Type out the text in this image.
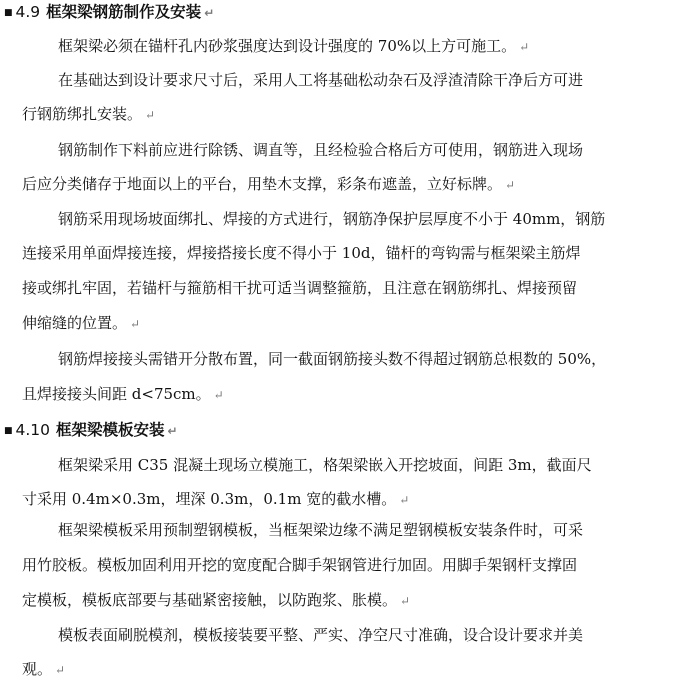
■ 4.9 框架梁钢筋制作及安装 ↵
框架梁必须在锚杆孔内砂浆强度达到设计强度的 70%以上方可施工。 ↵
在基础达到设计要求尺寸后，采用人工将基础松动杂石及浮渣清除干净后方可进
行钢筋绑扎安装。 ↵
钢筋制作下料前应进行除锈、调直等，且经检验合格后方可使用，钢筋进入现场
后应分类储存于地面以上的平台，用垫木支撑，彩条布遮盖，立好标牌。 ↵
钢筋采用现场坡面绑扎、焊接的方式进行，钢筋净保护层厚度不小于 40mm，钢筋
连接采用单面焊接连接，焊接搭接长度不得小于 10d，锚杆的弯钩需与框架梁主筋焊
接或绑扎牢固，若锚杆与箍筋相干扰可适当调整箍筋，且注意在钢筋绑扎、焊接预留
伸缩缝的位置。 ↵
钢筋焊接接头需错开分散布置，同一截面钢筋接头数不得超过钢筋总根数的 50%，
且焊接接头间距 d<75cm。 ↵
■ 4.10 框架梁模板安装 ↵
框架梁采用 C35 混凝土现场立模施工，格架梁嵌入开挖坡面，间距 3m，截面尺
寸采用 0.4m×0.3m，埋深 0.3m，0.1m 宽的截水槽。 ↵
框架梁模板采用预制塑钢模板，当框架梁边缘不满足塑钢模板安装条件时，可采
用竹胶板。模板加固利用开挖的宽度配合脚手架钢管进行加固。用脚手架钢杆支撑固
定模板，模板底部要与基础紧密接触，以防跑浆、胀模。 ↵
模板表面刷脱模剂，模板接装要平整、严实、净空尺寸准确，设合设计要求并美
观。 ↵
